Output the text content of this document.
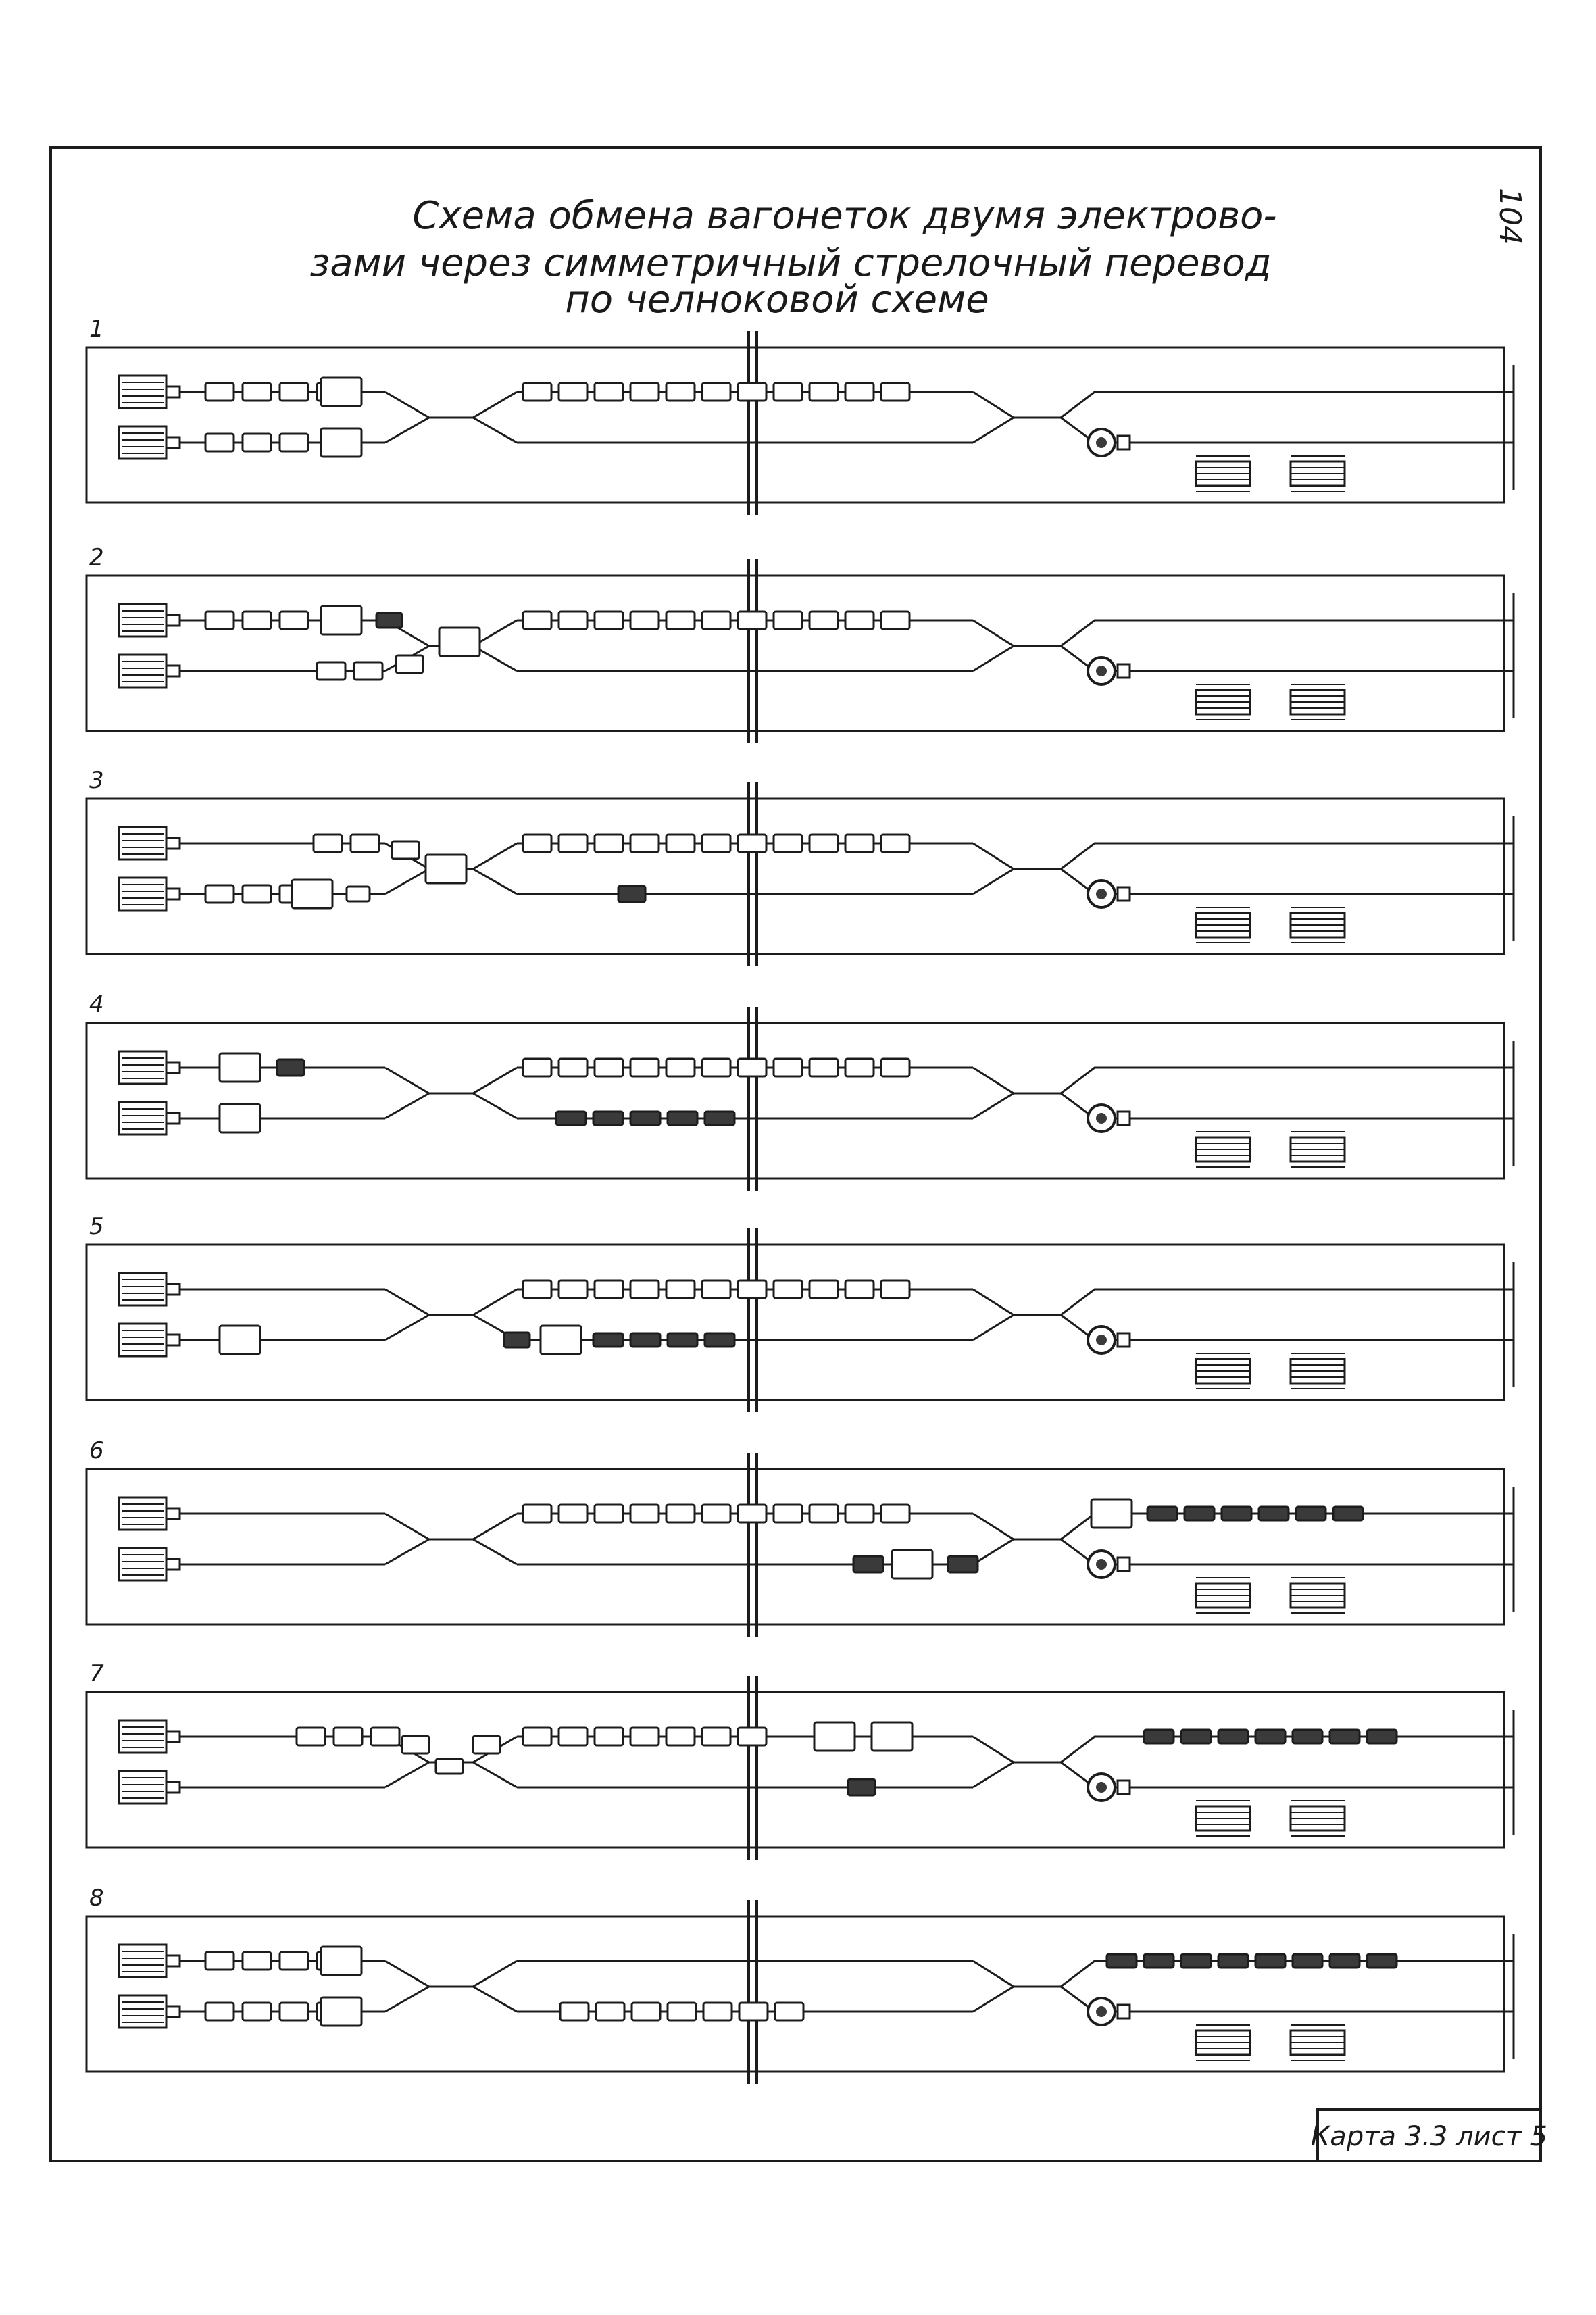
Схема обмена вагонеток двумя электрово-
зами через симметричный стрелочный перевод
по челноковой схеме
104
1
2
3
4
5
6
7
8
Карта 3.3 лист 5
